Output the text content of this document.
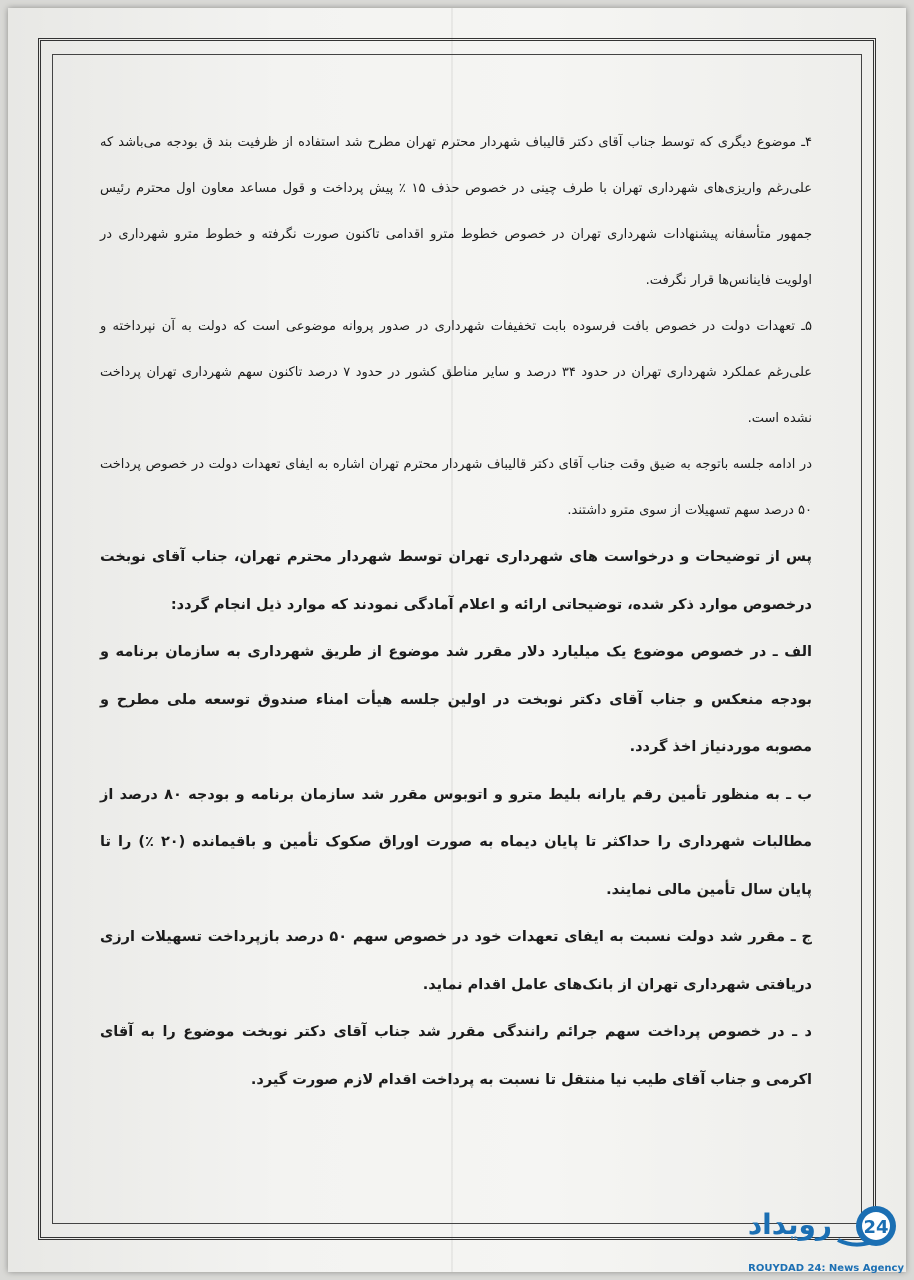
۴ـ موضوع دیگری که توسط جناب آقای دکتر قالیباف شهردار محترم تهران مطرح شد استفاده از ظرفیت بند ق بودجه می‌باشد که علی‌رغم واریزی‌های شهرداری تهران با طرف چینی در خصوص حذف ۱۵ ٪ پیش پرداخت و قول مساعد معاون اول محترم رئیس جمهور متأسفانه پیشنهادات شهرداری تهران در خصوص خطوط مترو اقدامی تاکنون صورت نگرفته و خطوط مترو شهرداری در اولویت فاینانس‌ها قرار نگرفت.

۵ـ تعهدات دولت در خصوص بافت فرسوده بابت تخفیفات شهرداری در صدور پروانه موضوعی است که دولت به آن نپرداخته و علی‌رغم عملکرد شهرداری تهران در حدود ۳۴ درصد و سایر مناطق کشور در حدود ۷ درصد تاکنون سهم شهرداری تهران پرداخت نشده است.

در ادامه جلسه باتوجه به ضیق وقت جناب آقای دکتر قالیباف شهردار محترم تهران اشاره به ایفای تعهدات دولت در خصوص پرداخت ۵۰ درصد سهم تسهیلات از سوی مترو داشتند.

پس از توضیحات و درخواست های شهرداری تهران توسط شهردار محترم تهران، جناب آقای نوبخت درخصوص موارد ذکر شده، توضیحاتی ارائه و اعلام آمادگی نمودند که موارد ذیل انجام گردد:

الف ـ در خصوص موضوع یک میلیارد دلار مقرر شد موضوع از طریق شهرداری به سازمان برنامه و بودجه منعکس و جناب آقای دکتر نوبخت در اولین جلسه هیأت امناء صندوق توسعه ملی مطرح و مصوبه موردنیاز اخذ گردد.

ب ـ به منظور تأمین رقم یارانه بلیط مترو و اتوبوس مقرر شد سازمان برنامه و بودجه ۸۰ درصد از مطالبات شهرداری را حداکثر تا پایان دیماه به صورت اوراق صکوک تأمین و باقیمانده (۲۰ ٪) را تا پایان سال تأمین مالی نمایند.

ج ـ مقرر شد دولت نسبت به ایفای تعهدات خود در خصوص سهم ۵۰ درصد بازپرداخت تسهیلات ارزی دریافتی شهرداری تهران از بانک‌های عامل اقدام نماید.

د ـ در خصوص پرداخت سهم جرائم رانندگی مقرر شد جناب آقای دکتر نوبخت موضوع را به آقای اکرمی و جناب آقای طیب نیا منتقل تا نسبت به پرداخت اقدام لازم صورت گیرد.

24
رویداد
ROUYDAD 24: News Agency
